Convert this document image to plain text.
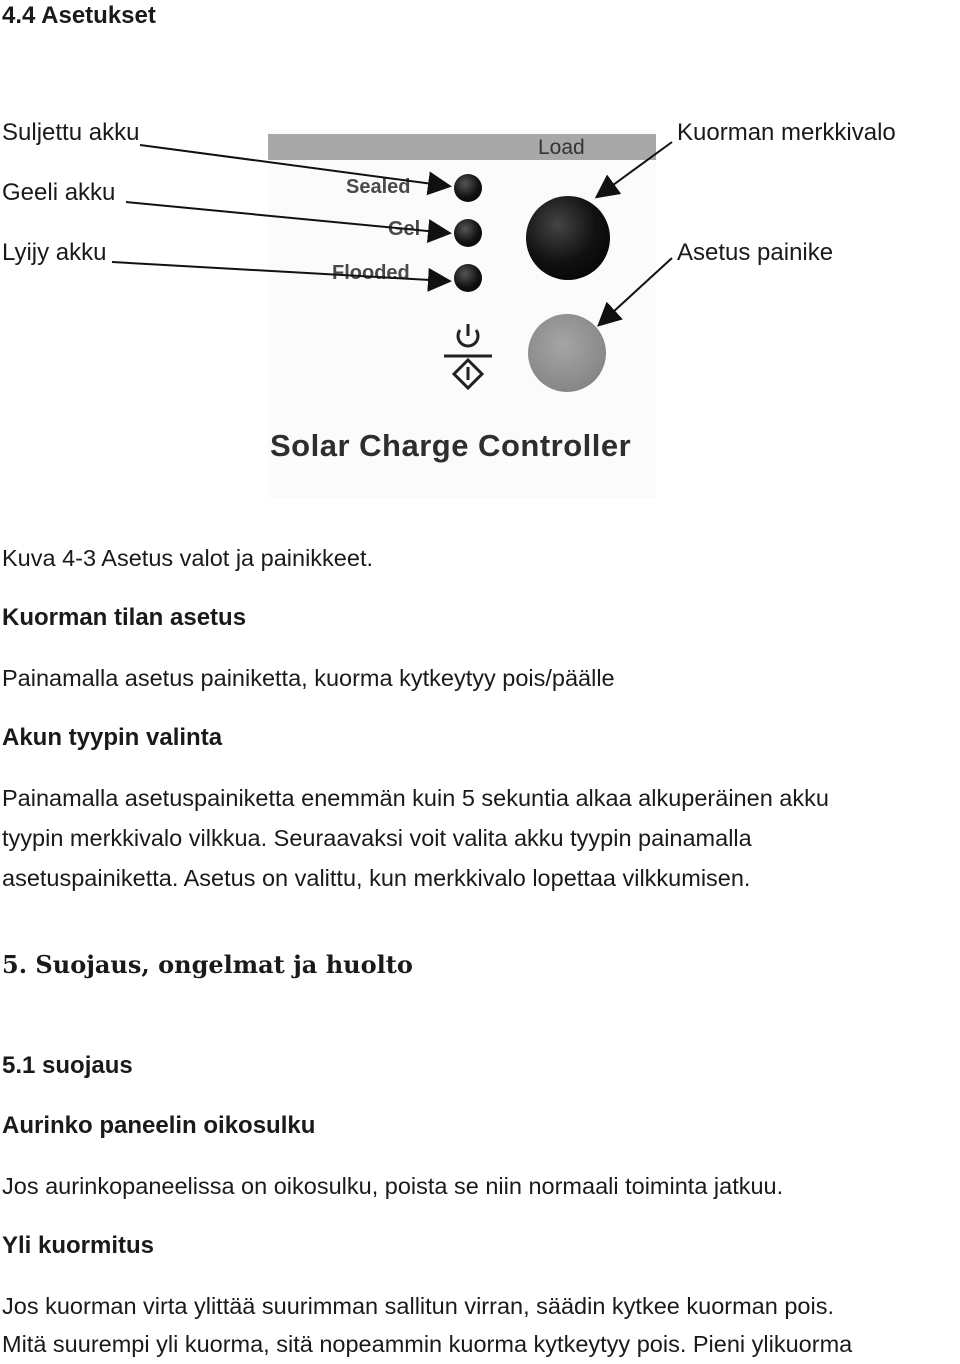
4.4 Asetukset
Load
Sealed
Gel
Flooded
Solar Charge Controller
Suljettu akku
Geeli akku
Lyijy akku
Kuorman merkkivalo
Asetus painike
Kuva 4-3 Asetus valot ja painikkeet.
Kuorman tilan asetus
Painamalla asetus painiketta, kuorma kytkeytyy pois/päälle
Akun tyypin valinta
Painamalla asetuspainiketta enemmän kuin 5 sekuntia alkaa alkuperäinen akku
tyypin merkkivalo vilkkua. Seuraavaksi voit valita akku tyypin painamalla
asetuspainiketta. Asetus on valittu, kun merkkivalo lopettaa vilkkumisen.
5. Suojaus, ongelmat ja huolto
5.1 suojaus
Aurinko paneelin oikosulku
Jos aurinkopaneelissa on oikosulku, poista se niin normaali toiminta jatkuu.
Yli kuormitus
Jos kuorman virta ylittää suurimman sallitun virran, säädin kytkee kuorman pois.
Mitä suurempi yli kuorma, sitä nopeammin kuorma kytkeytyy pois. Pieni ylikuorma
